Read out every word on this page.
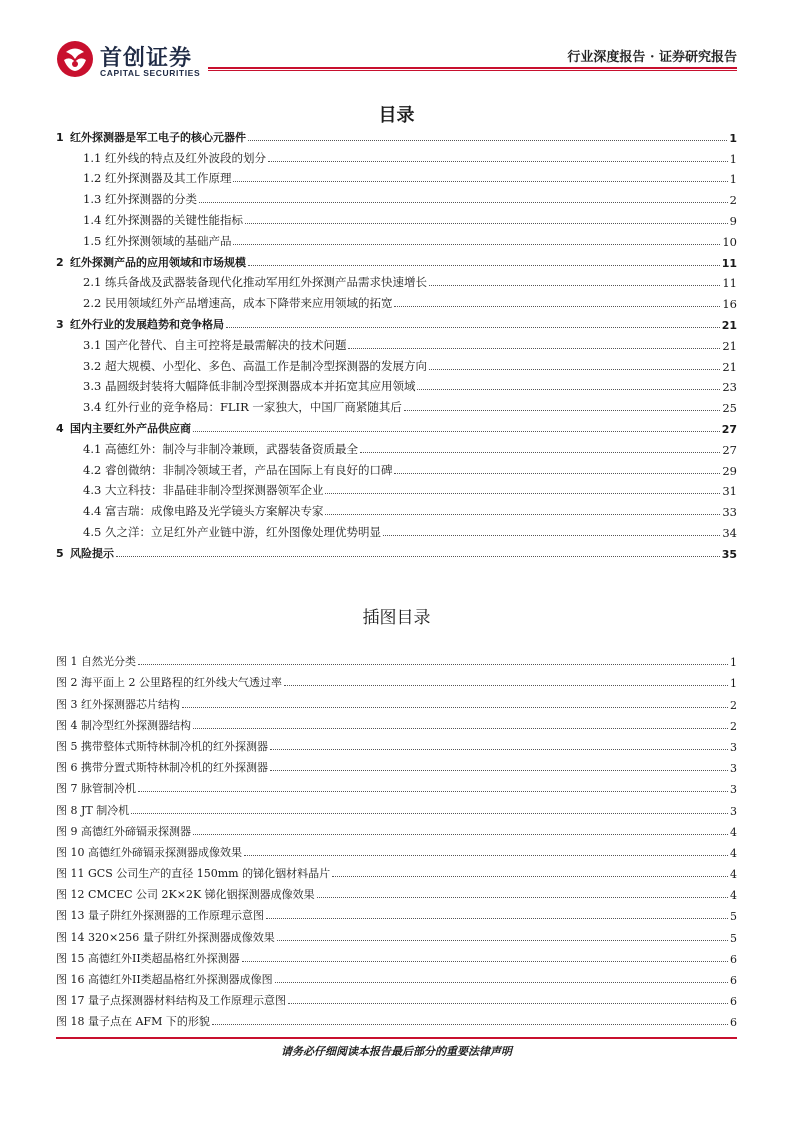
首创证券
CAPITAL SECURITIES
行业深度报告 · 证券研究报告
目录
1 红外探测器是军工电子的核心元器件	1
1.1 红外线的特点及红外波段的划分	1
1.2 红外探测器及其工作原理	1
1.3 红外探测器的分类	2
1.4 红外探测器的关键性能指标	9
1.5 红外探测领域的基础产品	10
2 红外探测产品的应用领域和市场规模	11
2.1 练兵备战及武器装备现代化推动军用红外探测产品需求快速增长	11
2.2 民用领域红外产品增速高，成本下降带来应用领域的拓宽	16
3 红外行业的发展趋势和竞争格局	21
3.1 国产化替代、自主可控将是最需解决的技术问题	21
3.2 超大规模、小型化、多色、高温工作是制冷型探测器的发展方向	21
3.3 晶圆级封装将大幅降低非制冷型探测器成本并拓宽其应用领域	23
3.4 红外行业的竞争格局：FLIR 一家独大，中国厂商紧随其后	25
4 国内主要红外产品供应商	27
4.1 高德红外：制冷与非制冷兼顾，武器装备资质最全	27
4.2 睿创微纳：非制冷领域王者，产品在国际上有良好的口碑	29
4.3 大立科技：非晶硅非制冷型探测器领军企业	31
4.4 富吉瑞：成像电路及光学镜头方案解决专家	33
4.5 久之洋：立足红外产业链中游，红外图像处理优势明显	34
5 风险提示	35
插图目录
图 1 自然光分类	1
图 2 海平面上 2 公里路程的红外线大气透过率	1
图 3 红外探测器芯片结构	2
图 4 制冷型红外探测器结构	2
图 5 携带整体式斯特林制冷机的红外探测器	3
图 6 携带分置式斯特林制冷机的红外探测器	3
图 7 脉管制冷机	3
图 8 JT 制冷机	3
图 9 高德红外碲镉汞探测器	4
图 10 高德红外碲镉汞探测器成像效果	4
图 11 GCS 公司生产的直径 150mm 的锑化铟材料晶片	4
图 12 CMCEC 公司 2K×2K 锑化铟探测器成像效果	4
图 13 量子阱红外探测器的工作原理示意图	5
图 14 320×256 量子阱红外探测器成像效果	5
图 15 高德红外II类超晶格红外探测器	6
图 16 高德红外II类超晶格红外探测器成像图	6
图 17 量子点探测器材料结构及工作原理示意图	6
图 18 量子点在 AFM 下的形貌	6
请务必仔细阅读本报告最后部分的重要法律声明
